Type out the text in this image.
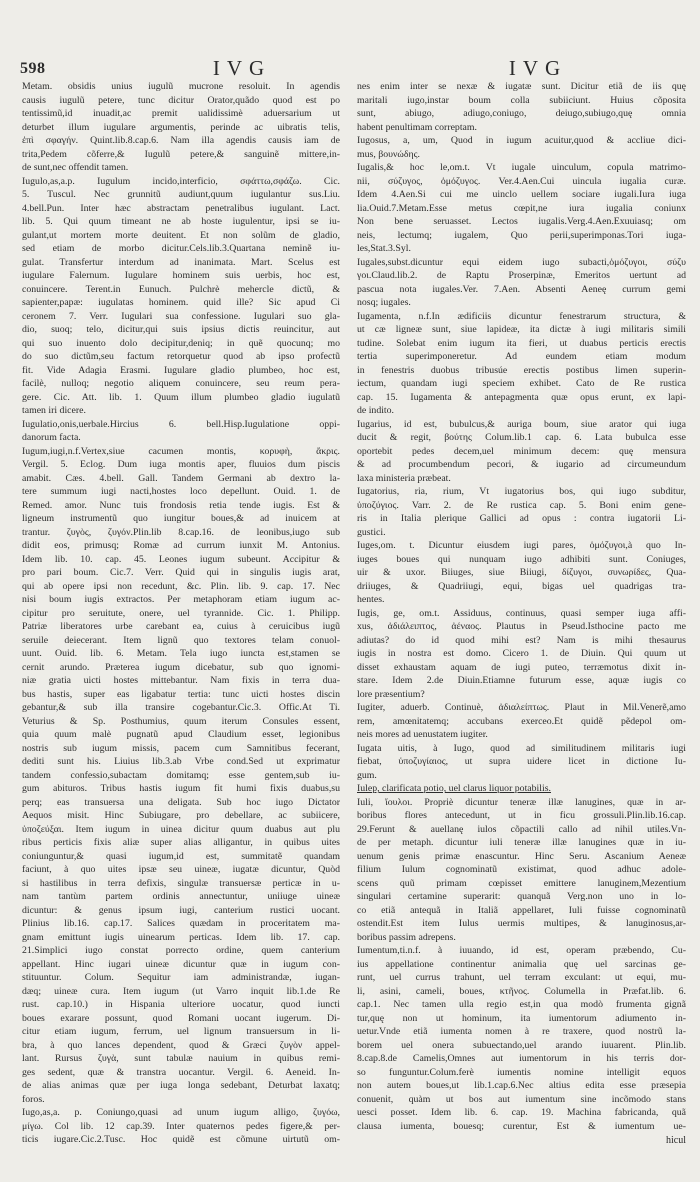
598	IVG	IVG
Metam. obsidis unius iugulũ mucrone resoluit. In agendis
causis iugulũ petere, tunc dicitur Orator,quãdo quod est po
tentissimũ,id inuadit,ac premit ualidissimè aduersarium ut
deturbet illum iugulare argumentis, perinde ac uibratis telis,
ἐπὶ σφαγήν. Quint.lib.8.cap.6. Nam illa agendis causis iam de
trita,Pedem cõferre,& Iugulũ petere,& sanguinẽ mittere,in-
de sunt,nec offendit tamen.
Iugulo,as,a.p. Iugulum incido,interficio, σφάττω,σφάζω. Cic.
5. Tuscul. Nec grunnitũ audiunt,quum iugulantur sus.Liu.
4.bell.Pun. Inter hæc abstractam penetralibus iugulant. Lact.
lib. 5. Qui quum timeant ne ab hoste iugulentur, ipsi se iu-
gulant,ut mortem morte deuitent. Et non solũm de gladio,
sed etiam de morbo dicitur.Cels.lib.3.Quartana neminẽ iu-
gulat. Transfertur interdum ad inanimata. Mart. Scelus est
iugulare Falernum. Iugulare hominem suis uerbis, hoc est,
conuincere. Terent.in Eunuch. Pulchrè mehercle dictũ, &
sapienter,papæ: iugulatas hominem. quid ille? Sic apud Ci
ceronem 7. Verr. Iugulari sua confessione. Iugulari suo gla-
dio, suoq; telo, dicitur,qui suis ipsius dictis reuincitur, aut
qui suo inuento dolo decipitur,deniq; in quẽ quocunq; mo
do suo dictũm,seu factum retorquetur quod ab ipso profectũ
fit. Vide Adagia Erasmi. Iugulare gladio plumbeo, hoc est,
facilè, nulloq; negotio aliquem conuincere, seu reum pera-
gere. Cic. Att. lib. 1. Quum illum plumbeo gladio iugulatũ
tamen iri dicere.
Iugulatio,onis,uerbale.Hircius 6. bell.Hisp.Iugulatione oppi-
danorum facta.
Iugum,iugi,n.f.Vertex,siue cacumen montis, κορυφὴ, ἄκρις.
Vergil. 5. Eclog. Dum iuga montis aper, fluuios dum piscis
amabit. Cæs. 4.bell. Gall. Tandem Germani ab dextro la-
tere summum iugi nacti,hostes loco depellunt. Ouid. 1. de
Remed. amor. Nunc tuis frondosis retia tende iugis. Est &
ligneum instrumentũ quo iungitur boues,& ad inuicem at
trantur. ζυγὸς, ζυγόν.Plin.lib 8.cap.16. de leonibus,iugo sub
didit eos, primusq; Romæ ad currum iunxit M. Antonius.
Idem lib. 10. cap. 45. Leones iugum subeunt. Accipitur &
pro pari boum. Cic.7. Verr. Quid qui in singulis iugis arat,
qui ab opere ipsi non recedunt, &c. Plin. lib. 9. cap. 17. Nec
nisi boum iugis extractos. Per metaphoram etiam iugum ac-
cipitur pro seruitute, onere, uel tyrannide. Cic. 1. Philipp.
Patriæ liberatores urbe carebant ea, cuius à ceruicibus iugũ
seruile deiecerant. Item lignũ quo textores telam conuol-
uunt. Ouid. lib. 6. Metam. Tela iugo iuncta est,stamen se
cernit arundo. Præterea iugum dicebatur, sub quo ignomi-
niæ gratia uicti hostes mittebantur. Nam fixis in terra dua-
bus hastis, super eas ligabatur tertia: tunc uicti hostes discin
gebantur,& sub illa transire cogebantur.Cic.3. Offic.At Ti.
Veturius & Sp. Posthumius, quum iterum Consules essent,
quia quum malè pugnatũ apud Claudium esset, legionibus
nostris sub iugum missis, pacem cum Samnitibus fecerant,
dediti sunt his. Liuius lib.3.ab Vrbe cond.Sed ut exprimatur
tandem confessio,subactam domitamq; esse gentem,sub iu-
gum abituros. Tribus hastis iugum fit humi fixis duabus,su
perq; eas transuersa una deligata. Sub hoc iugo Dictator
Aequos misit. Hinc Subiugare, pro debellare, ac subiicere,
ὑποζεύξαι. Item iugum in uinea dicitur quum duabus aut plu
ribus perticis fixis aliæ super alias alligantur, in quibus uites
coniunguntur,& quasi iugum,id est, summitatẽ quandam
faciunt, à quo uites ipsæ seu uineæ, iugatæ dicuntur, Quòd
si hastilibus in terra defixis, singulæ transuersæ perticæ in u-
nam tantùm partem ordinis annectuntur, uniiuge uineæ
dicuntur: & genus ipsum iugi, canterium rustici uocant.
Plinius lib.16. cap.17. Salices quædam in proceritatem ma-
gnam emittunt iugis uinearum perticas. Idem lib. 17. cap.
21.Simplici iugo constat porrecto ordine, quem canterium
appellant. Hinc iugari uineæ dicuntur quæ in iugum con-
stituuntur. Colum. Sequitur iam administrandæ, iugan-
dæq; uineæ cura. Item iugum (ut Varro inquit lib.1.de Re
rust. cap.10.) in Hispania ulteriore uocatur, quod iuncti
boues exarare possunt, quod Romani uocant iugerum. Di-
citur etiam iugum, ferrum, uel lignum transuersum in li-
bra, à quo lances dependent, quod & Græci ζυγὸν appel-
lant. Rursus ζυγὰ, sunt tabulæ nauium in quibus remi-
ges sedent, quæ & transtra uocantur. Vergil. 6. Aeneid. In-
de alias animas quæ per iuga longa sedebant, Deturbat laxatq;
foros.
Iugo,as,a. p. Coniungo,quasi ad unum iugum alligo, ζυγόω,
μίγω. Col lib. 12 cap.39. Inter quaternos pedes figere,& per-
ticis iugare.Cic.2.Tusc. Hoc quidẽ est cõmune uirtutũ om-
nes enim inter se nexæ & iugatæ sunt. Dicitur etiã de iis quę
maritali iugo,instar boum colla subiiciunt. Huius cõposita
sunt, abiugo, adiugo,coniugo, deiugo,subiugo,quę omnia
habent penultimam correptam.
Iugosus, a, um, Quod in iugum acuitur,quod & accliue dici-
mus, βουνώδης.
Iugalis,& hoc le,om.t. Vt iugale uinculum, copula matrimo-
nii, σύζυγος, ὁμόζυγος. Ver.4.Aen.Cui uincula iugalia curæ.
Idem 4.Aen.Si cui me uinclo uellem sociare iugali.Iura iuga
lia.Ouid.7.Metam.Esse metus cœpit,ne iura iugalia coniunx
Non bene seruasset. Lectos iugalis.Verg.4.Aen.Exuuiasq; om
neis, lectumq; iugalem, Quo perii,superimponas.Tori iuga-
les,Stat.3.Syl.
Iugales,subst.dicuntur equi eidem iugo subacti,ὁμόζυγοι, σύζυ
γοι.Claud.lib.2. de Raptu Proserpinæ, Emeritos uertunt ad
pascua nota iugales.Ver. 7.Aen. Absenti Aeneę currum gemi
nosq; iugales.
Iugamenta, n.f.In ædificiis dicuntur fenestrarum structura, &
ut cæ ligneæ sunt, siue lapideæ, ita dictæ à iugi militaris simili
tudine. Solebat enim iugum ita fieri, ut duabus perticis erectis
tertia superimponeretur. Ad eundem etiam modum
in fenestris duobus tribusúe erectis postibus limen superin-
iectum, quandam iugi speciem exhibet. Cato de Re rustica
cap. 15. Iugamenta & antepagmenta quæ opus erunt, ex lapi-
de indito.
Iugarius, id est, bubulcus,& auriga boum, siue arator qui iuga
ducit & regit, βούτης Colum.lib.1 cap. 6. Lata bubulca esse
oportebit pedes decem,uel minimum decem: quę mensura
& ad procumbendum pecori, & iugario ad circumeundum
laxa ministeria præbeat.
Iugatorius, ria, rium, Vt iugatorius bos, qui iugo subditur,
ὑποζύγιος. Varr. 2. de Re rustica cap. 5. Boni enim gene-
ris in Italia plerique Gallici ad opus : contra iugatorii Li-
gustici.
Iuges,om. t. Dicuntur eiusdem iugi pares, ὁμόζυγοι,à quo In-
iuges boues qui nunquam iugo adhibiti sunt. Coniuges,
uir & uxor. Biiuges, siue Biiugi, δίζυγοι, συνωρίδες, Qua-
driiuges, & Quadriiugi, equi, bigas uel quadrigas tra-
hentes.
Iugis, ge, om.t. Assiduus, continuus, quasi semper iuga affi-
xus, ἀδιάλειπτος, ἀέναος. Plautus in Pseud.Isthocine pacto me
adiutas? do id quod mihi est? Nam is mihi thesaurus
iugis in nostra est domo. Cicero 1. de Diuin. Qui quum ut
disset exhaustam aquam de iugi puteo, terræmotus dixit in-
stare. Idem 2.de Diuin.Etiamne futurum esse, aquæ iugis co
lore præsentium?
Iugiter, aduerb. Continuè, ἀδιαλείπτως. Plaut in Mil.Venerẽ,amo
rem, amœnitatemq; accubans exerceo.Et quidẽ pẽdepol om-
neis mores ad uenustatem iugiter.
Iugata uitis, à Iugo, quod ad similitudinem militaris iugi
fiebat, ὑποζυγίαιος, ut supra uidere licet in dictione Iu-
gum.
Iulep, clarificata potio, uel clarus liquor potabilis.
Iuli, ἴουλοι. Propriè dicuntur teneræ illæ lanugines, quæ in ar-
boribus flores antecedunt, ut in ficu grossuli.Plin.lib.16.cap.
29.Ferunt & auellanę iulos cõpactili callo ad nihil utiles.Vn-
de per metaph. dicuntur iuli teneræ illæ lanugines quæ in iu-
uenum genis primæ enascuntur. Hinc Seru. Ascanium Aeneæ
filium Iulum cognominatũ existimat, quod adhuc adole-
scens quũ primam cœpisset emittere lanuginem,Mezentium
singulari certamine superarit: quanquã Verg.non uno in lo-
co etiã antequã in Italiã appellaret, Iuli fuisse cognominatũ
ostendit.Est item Iulus uermis multipes, & lanuginosus,ar-
boribus passim adrepens.
Iumentum,ti.n.f. à iuuando, id est, operam præbendo, Cu-
ius appellatione continentur animalia quę uel sarcinas ge-
runt, uel currus trahunt, uel terram exculant: ut equi, mu-
li, asini, cameli, boues, κτῆνος. Columella in Præfat.lib. 6.
cap.1. Nec tamen ulla regio est,in qua modò frumenta gignã
tur,quę non ut hominum, ita iumentorum adiumento in-
uetur.Vnde etiã iumenta nomen à re traxere, quod nostrũ la-
borem uel onera subuectando,uel arando iuuarent. Plin.lib.
8.cap.8.de Camelis,Omnes aut iumentorum in his terris dor-
so funguntur.Colum.ferè iumentis nomine intelligit equos
non autem boues,ut lib.1.cap.6.Nec altius edita esse præsepia
conuenit, quàm ut bos aut iumentum sine incõmodo stans
uesci posset. Idem lib. 6. cap. 19. Machina fabricanda, quã
clausa iumenta, bouesq; curentur, Est & iumentum ue-
hicul
